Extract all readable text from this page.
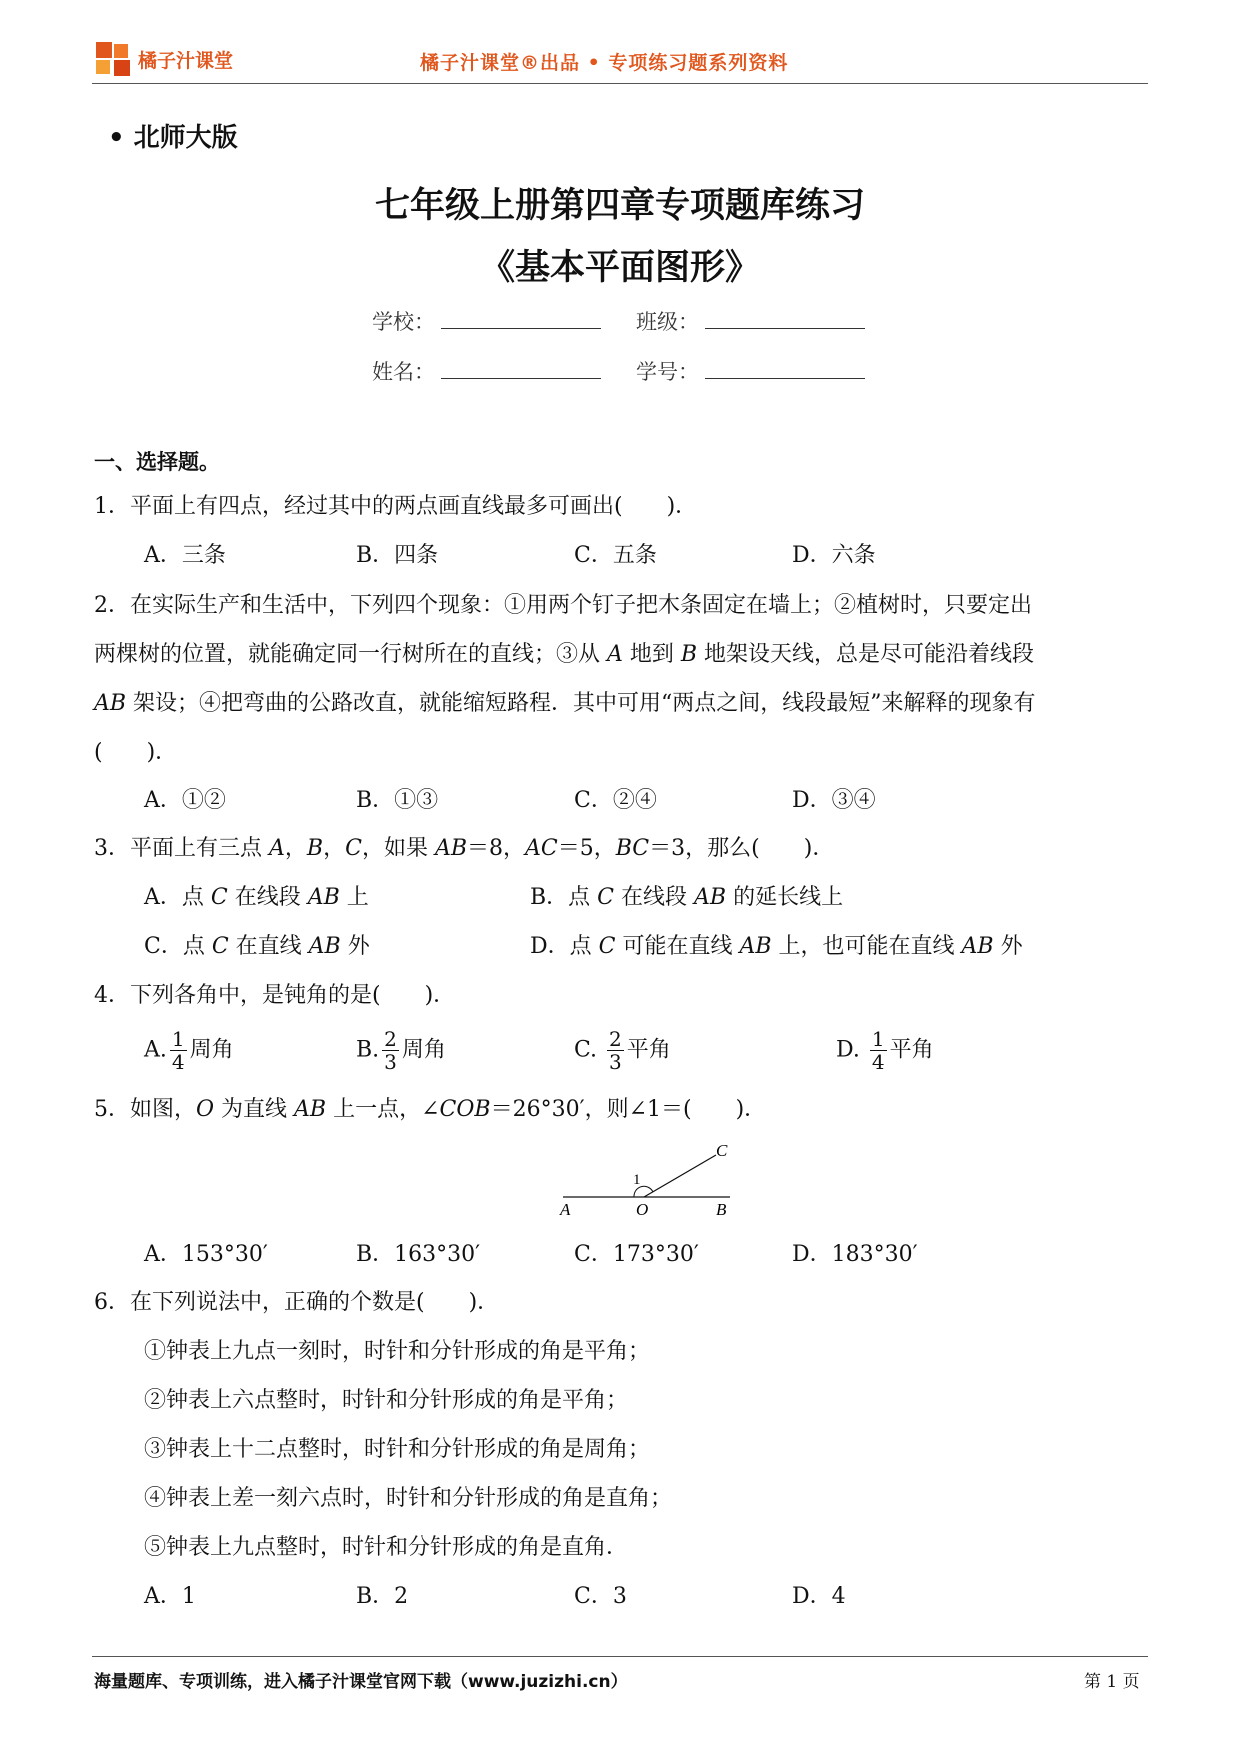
橘子汁课堂	橘子汁课堂®出品 • 专项练习题系列资料
• 北师大版
七年级上册第四章专项题库练习
《基本平面图形》
学校：	班级：
姓名：	学号：
一、选择题。
1．平面上有四点，经过其中的两点画直线最多可画出(　　)．
A．三条	B．四条	C．五条	D．六条
2．在实际生产和生活中，下列四个现象：①用两个钉子把木条固定在墙上；②植树时，只要定出
两棵树的位置，就能确定同一行树所在的直线；③从 A 地到 B 地架设天线，总是尽可能沿着线段
AB 架设；④把弯曲的公路改直，就能缩短路程．其中可用“两点之间，线段最短”来解释的现象有
(　　)．
A．①②	B．①③	C．②④	D．③④
3．平面上有三点 A，B，C，如果 AB＝8，AC＝5，BC＝3，那么(　　)．
A．点 C 在线段 AB 上	B．点 C 在线段 AB 的延长线上
C．点 C 在直线 AB 外	D．点 C 可能在直线 AB 上，也可能在直线 AB 外
4．下列各角中，是钝角的是(　　)．
A. $\frac{1}{4}$ 周角	B. $\frac{2}{3}$ 周角	C. $\frac{2}{3}$ 平角	D. $\frac{1}{4}$ 平角
5．如图，O 为直线 AB 上一点，∠COB＝26°30′，则∠1＝(　　)．
A	O	B
C
1
A．153°30′	B．163°30′	C．173°30′	D．183°30′
6．在下列说法中，正确的个数是(　　)．
①钟表上九点一刻时，时针和分针形成的角是平角；
②钟表上六点整时，时针和分针形成的角是平角；
③钟表上十二点整时，时针和分针形成的角是周角；
④钟表上差一刻六点时，时针和分针形成的角是直角；
⑤钟表上九点整时，时针和分针形成的角是直角．
A．1	B．2	C．3	D．4
海量题库、专项训练，进入橘子汁课堂官网下载（www.juzizhi.cn）	第 1 页
